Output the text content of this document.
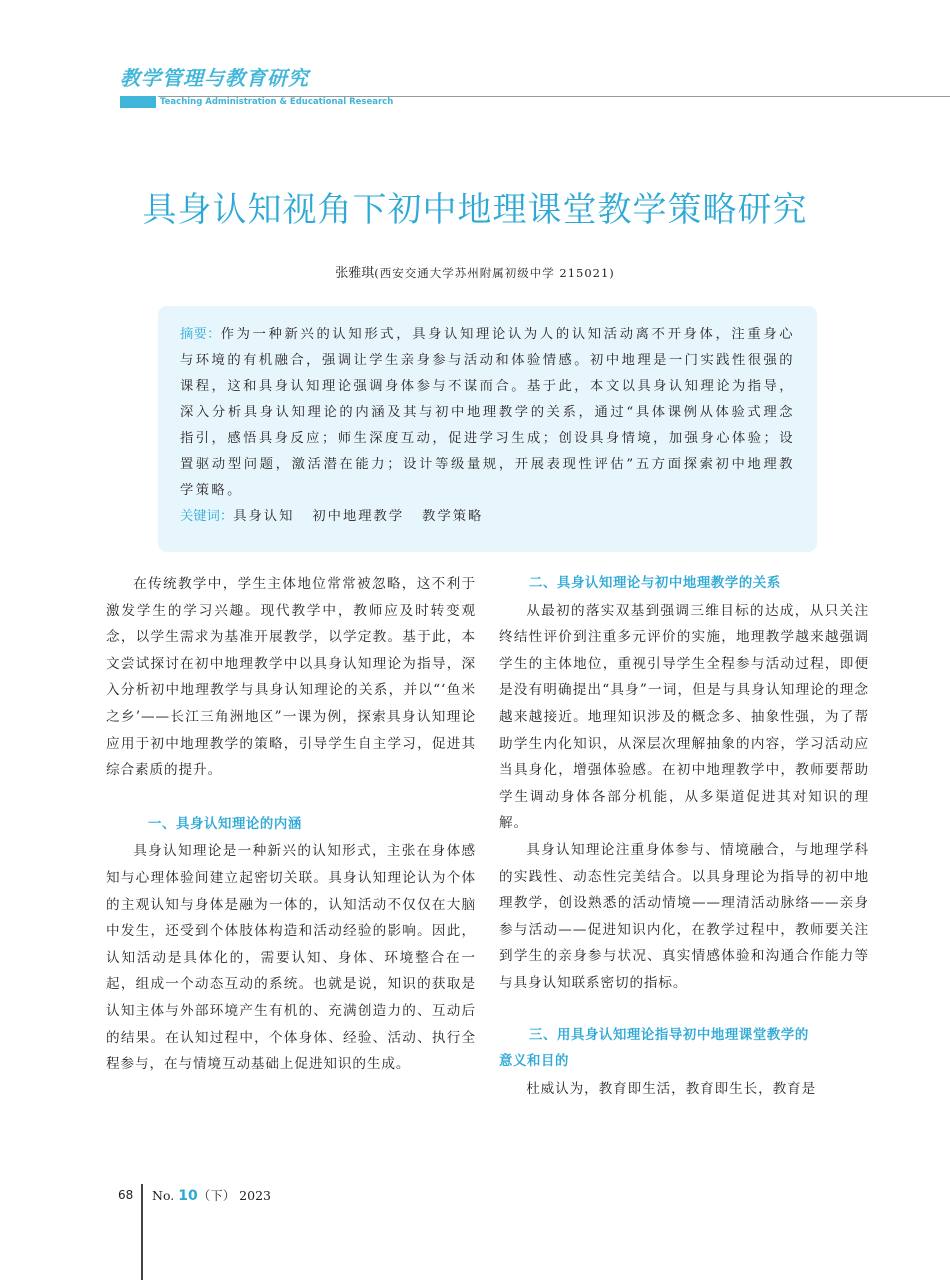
教学管理与教育研究
Teaching Administration & Educational Research
具身认知视角下初中地理课堂教学策略研究

张雅琪(西安交通大学苏州附属初级中学 215021)

摘要：作为一种新兴的认知形式，具身认知理论认为人的认知活动离不开身体，注重身心与环境的有机融合，强调让学生亲身参与活动和体验情感。初中地理是一门实践性很强的课程，这和具身认知理论强调身体参与不谋而合。基于此，本文以具身认知理论为指导，深入分析具身认知理论的内涵及其与初中地理教学的关系，通过“具体课例从体验式理念指引，感悟具身反应；师生深度互动，促进学习生成；创设具身情境，加强身心体验；设置驱动型问题，激活潜在能力；设计等级量规，开展表现性评估”五方面探索初中地理教学策略。

关键词：具身认知 初中地理教学 教学策略

在传统教学中，学生主体地位常常被忽略，这不利于激发学生的学习兴趣。现代教学中，教师应及时转变观念，以学生需求为基准开展教学，以学定教。基于此，本文尝试探讨在初中地理教学中以具身认知理论为指导，深入分析初中地理教学与具身认知理论的关系，并以“‘鱼米之乡’——长江三角洲地区”一课为例，探索具身认知理论应用于初中地理教学的策略，引导学生自主学习，促进其综合素质的提升。

一、具身认知理论的内涵

具身认知理论是一种新兴的认知形式，主张在身体感知与心理体验间建立起密切关联。具身认知理论认为个体的主观认知与身体是融为一体的，认知活动不仅仅在大脑中发生，还受到个体肢体构造和活动经验的影响。因此，认知活动是具体化的，需要认知、身体、环境整合在一起，组成一个动态互动的系统。也就是说，知识的获取是认知主体与外部环境产生有机的、充满创造力的、互动后的结果。在认知过程中，个体身体、经验、活动、执行全程参与，在与情境互动基础上促进知识的生成。

二、具身认知理论与初中地理教学的关系

从最初的落实双基到强调三维目标的达成，从只关注终结性评价到注重多元评价的实施，地理教学越来越强调学生的主体地位，重视引导学生全程参与活动过程，即便是没有明确提出“具身”一词，但是与具身认知理论的理念越来越接近。地理知识涉及的概念多、抽象性强，为了帮助学生内化知识，从深层次理解抽象的内容，学习活动应当具身化，增强体验感。在初中地理教学中，教师要帮助学生调动身体各部分机能，从多渠道促进其对知识的理解。

具身认知理论注重身体参与、情境融合，与地理学科的实践性、动态性完美结合。以具身理论为指导的初中地理教学，创设熟悉的活动情境——理清活动脉络——亲身参与活动——促进知识内化，在教学过程中，教师要关注到学生的亲身参与状况、真实情感体验和沟通合作能力等与具身认知联系密切的指标。

三、用具身认知理论指导初中地理课堂教学的
意义和目的

杜威认为，教育即生活，教育即生长，教育是

68 No. 10（下） 2023
